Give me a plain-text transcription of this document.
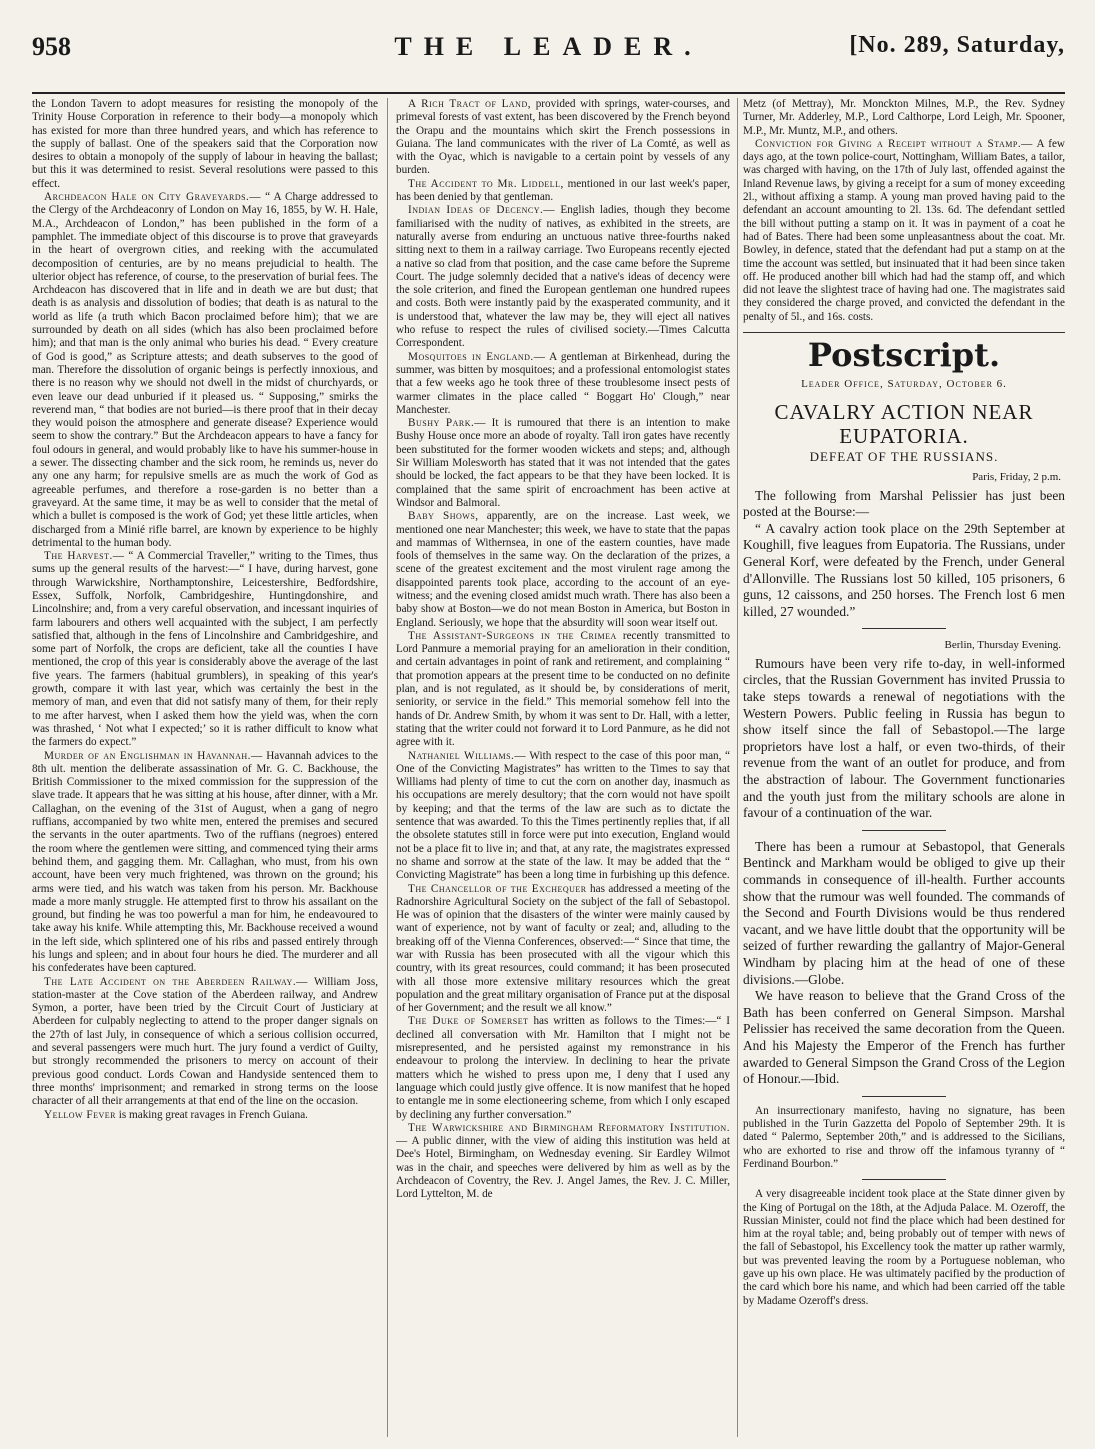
958	THE LEADER.	[No. 289, Saturday,

the London Tavern to adopt measures for resisting the monopoly of the Trinity House Corporation in reference to their body—a monopoly which has existed for more than three hundred years, and which has reference to the supply of ballast. One of the speakers said that the Corporation now desires to obtain a monopoly of the supply of labour in heaving the ballast; but this it was determined to resist. Several resolutions were passed to this effect.

Archdeacon Hale on City Graveyards.— “ A Charge addressed to the Clergy of the Archdeaconry of London on May 16, 1855, by W. H. Hale, M.A., Archdeacon of London,” has been published in the form of a pamphlet. The immediate object of this discourse is to prove that graveyards in the heart of overgrown cities, and reeking with the accumulated decomposition of centuries, are by no means prejudicial to health. The ulterior object has reference, of course, to the preservation of burial fees. The Archdeacon has discovered that in life and in death we are but dust; that death is as analysis and dissolution of bodies; that death is as natural to the world as life (a truth which Bacon proclaimed before him); that we are surrounded by death on all sides (which has also been proclaimed before him); and that man is the only animal who buries his dead. “ Every creature of God is good,” as Scripture attests; and death subserves to the good of man. Therefore the dissolution of organic beings is perfectly innoxious, and there is no reason why we should not dwell in the midst of churchyards, or even leave our dead unburied if it pleased us. “ Supposing,” smirks the reverend man, “ that bodies are not buried—is there proof that in their decay they would poison the atmosphere and generate disease? Experience would seem to show the contrary.” But the Archdeacon appears to have a fancy for foul odours in general, and would probably like to have his summer-house in a sewer. The dissecting chamber and the sick room, he reminds us, never do any one any harm; for repulsive smells are as much the work of God as agreeable perfumes, and therefore a rose-garden is no better than a graveyard. At the same time, it may be as well to consider that the metal of which a bullet is composed is the work of God; yet these little articles, when discharged from a Minié rifle barrel, are known by experience to be highly detrimental to the human body.

The Harvest.— “ A Commercial Traveller,” writing to the Times, thus sums up the general results of the harvest:—“ I have, during harvest, gone through Warwickshire, Northamptonshire, Leicestershire, Bedfordshire, Essex, Suffolk, Norfolk, Cambridgeshire, Huntingdonshire, and Lincolnshire; and, from a very careful observation, and incessant inquiries of farm labourers and others well acquainted with the subject, I am perfectly satisfied that, although in the fens of Lincolnshire and Cambridgeshire, and some part of Norfolk, the crops are deficient, take all the counties I have mentioned, the crop of this year is considerably above the average of the last five years. The farmers (habitual grumblers), in speaking of this year's growth, compare it with last year, which was certainly the best in the memory of man, and even that did not satisfy many of them, for their reply to me after harvest, when I asked them how the yield was, when the corn was thrashed, ‘ Not what I expected;’ so it is rather difficult to know what the farmers do expect.”

Murder of an Englishman in Havannah.— Havannah advices to the 8th ult. mention the deliberate assassination of Mr. G. C. Backhouse, the British Commissioner to the mixed commission for the suppression of the slave trade. It appears that he was sitting at his house, after dinner, with a Mr. Callaghan, on the evening of the 31st of August, when a gang of negro ruffians, accompanied by two white men, entered the premises and secured the servants in the outer apartments. Two of the ruffians (negroes) entered the room where the gentlemen were sitting, and commenced tying their arms behind them, and gagging them. Mr. Callaghan, who must, from his own account, have been very much frightened, was thrown on the ground; his arms were tied, and his watch was taken from his person. Mr. Backhouse made a more manly struggle. He attempted first to throw his assailant on the ground, but finding he was too powerful a man for him, he endeavoured to take away his knife. While attempting this, Mr. Backhouse received a wound in the left side, which splintered one of his ribs and passed entirely through his lungs and spleen; and in about four hours he died. The murderer and all his confederates have been captured.

The Late Accident on the Aberdeen Railway.— William Joss, station-master at the Cove station of the Aberdeen railway, and Andrew Symon, a porter, have been tried by the Circuit Court of Justiciary at Aberdeen for culpably neglecting to attend to the proper danger signals on the 27th of last July, in consequence of which a serious collision occurred, and several passengers were much hurt. The jury found a verdict of Guilty, but strongly recommended the prisoners to mercy on account of their previous good conduct. Lords Cowan and Handyside sentenced them to three months' imprisonment; and remarked in strong terms on the loose character of all their arrangements at that end of the line on the occasion.

Yellow Fever is making great ravages in French Guiana.

A Rich Tract of Land, provided with springs, water-courses, and primeval forests of vast extent, has been discovered by the French beyond the Orapu and the mountains which skirt the French possessions in Guiana. The land communicates with the river of La Comté, as well as with the Oyac, which is navigable to a certain point by vessels of any burden.

The Accident to Mr. Liddell, mentioned in our last week's paper, has been denied by that gentleman.

Indian Ideas of Decency.— English ladies, though they become familiarised with the nudity of natives, as exhibited in the streets, are naturally averse from enduring an unctuous native three-fourths naked sitting next to them in a railway carriage. Two Europeans recently ejected a native so clad from that position, and the case came before the Supreme Court. The judge solemnly decided that a native's ideas of decency were the sole criterion, and fined the European gentleman one hundred rupees and costs. Both were instantly paid by the exasperated community, and it is understood that, whatever the law may be, they will eject all natives who refuse to respect the rules of civilised society.—Times Calcutta Correspondent.

Mosquitoes in England.— A gentleman at Birkenhead, during the summer, was bitten by mosquitoes; and a professional entomologist states that a few weeks ago he took three of these troublesome insect pests of warmer climates in the place called “ Boggart Ho' Clough,” near Manchester.

Bushy Park.— It is rumoured that there is an intention to make Bushy House once more an abode of royalty. Tall iron gates have recently been substituted for the former wooden wickets and steps; and, although Sir William Molesworth has stated that it was not intended that the gates should be locked, the fact appears to be that they have been locked. It is complained that the same spirit of encroachment has been active at Windsor and Balmoral.

Baby Shows, apparently, are on the increase. Last week, we mentioned one near Manchester; this week, we have to state that the papas and mammas of Withernsea, in one of the eastern counties, have made fools of themselves in the same way. On the declaration of the prizes, a scene of the greatest excitement and the most virulent rage among the disappointed parents took place, according to the account of an eye-witness; and the evening closed amidst much wrath. There has also been a baby show at Boston—we do not mean Boston in America, but Boston in England. Seriously, we hope that the absurdity will soon wear itself out.

The Assistant-Surgeons in the Crimea recently transmitted to Lord Panmure a memorial praying for an amelioration in their condition, and certain advantages in point of rank and retirement, and complaining “ that promotion appears at the present time to be conducted on no definite plan, and is not regulated, as it should be, by considerations of merit, seniority, or service in the field.” This memorial somehow fell into the hands of Dr. Andrew Smith, by whom it was sent to Dr. Hall, with a letter, stating that the writer could not forward it to Lord Panmure, as he did not agree with it.

Nathaniel Williams.— With respect to the case of this poor man, “ One of the Convicting Magistrates” has written to the Times to say that Williams had plenty of time to cut the corn on another day, inasmuch as his occupations are merely desultory; that the corn would not have spoilt by keeping; and that the terms of the law are such as to dictate the sentence that was awarded. To this the Times pertinently replies that, if all the obsolete statutes still in force were put into execution, England would not be a place fit to live in; and that, at any rate, the magistrates expressed no shame and sorrow at the state of the law. It may be added that the “ Convicting Magistrate” has been a long time in furbishing up this defence.

The Chancellor of the Exchequer has addressed a meeting of the Radnorshire Agricultural Society on the subject of the fall of Sebastopol. He was of opinion that the disasters of the winter were mainly caused by want of experience, not by want of faculty or zeal; and, alluding to the breaking off of the Vienna Conferences, observed:—“ Since that time, the war with Russia has been prosecuted with all the vigour which this country, with its great resources, could command; it has been prosecuted with all those more extensive military resources which the great population and the great military organisation of France put at the disposal of her Government; and the result we all know.”

The Duke of Somerset has written as follows to the Times:—“ I declined all conversation with Mr. Hamilton that I might not be misrepresented, and he persisted against my remonstrance in his endeavour to prolong the interview. In declining to hear the private matters which he wished to press upon me, I deny that I used any language which could justly give offence. It is now manifest that he hoped to entangle me in some electioneering scheme, from which I only escaped by declining any further conversation.”

The Warwickshire and Birmingham Reformatory Institution.— A public dinner, with the view of aiding this institution was held at Dee's Hotel, Birmingham, on Wednesday evening. Sir Eardley Wilmot was in the chair, and speeches were delivered by him as well as by the Archdeacon of Coventry, the Rev. J. Angel James, the Rev. J. C. Miller, Lord Lyttelton, M. de

Metz (of Mettray), Mr. Monckton Milnes, M.P., the Rev. Sydney Turner, Mr. Adderley, M.P., Lord Calthorpe, Lord Leigh, Mr. Spooner, M.P., Mr. Muntz, M.P., and others.

Conviction for Giving a Receipt without a Stamp.— A few days ago, at the town police-court, Nottingham, William Bates, a tailor, was charged with having, on the 17th of July last, offended against the Inland Revenue laws, by giving a receipt for a sum of money exceeding 2l., without affixing a stamp. A young man proved having paid to the defendant an account amounting to 2l. 13s. 6d. The defendant settled the bill without putting a stamp on it. It was in payment of a coat he had of Bates. There had been some unpleasantness about the coat. Mr. Bowley, in defence, stated that the defendant had put a stamp on at the time the account was settled, but insinuated that it had been since taken off. He produced another bill which had had the stamp off, and which did not leave the slightest trace of having had one. The magistrates said they considered the charge proved, and convicted the defendant in the penalty of 5l., and 16s. costs.

Postscript.
Leader Office, Saturday, October 6.
CAVALRY ACTION NEAR EUPATORIA.
DEFEAT OF THE RUSSIANS.
Paris, Friday, 2 p.m.

The following from Marshal Pelissier has just been posted at the Bourse:—

“ A cavalry action took place on the 29th September at Koughill, five leagues from Eupatoria. The Russians, under General Korf, were defeated by the French, under General d'Allonville. The Russians lost 50 killed, 105 prisoners, 6 guns, 12 caissons, and 250 horses. The French lost 6 men killed, 27 wounded.”

Berlin, Thursday Evening.

Rumours have been very rife to-day, in well-informed circles, that the Russian Government has invited Prussia to take steps towards a renewal of negotiations with the Western Powers. Public feeling in Russia has begun to show itself since the fall of Sebastopol.—The large proprietors have lost a half, or even two-thirds, of their revenue from the want of an outlet for produce, and from the abstraction of labour. The Government functionaries and the youth just from the military schools are alone in favour of a continuation of the war.

There has been a rumour at Sebastopol, that Generals Bentinck and Markham would be obliged to give up their commands in consequence of ill-health. Further accounts show that the rumour was well founded. The commands of the Second and Fourth Divisions would be thus rendered vacant, and we have little doubt that the opportunity will be seized of further rewarding the gallantry of Major-General Windham by placing him at the head of one of these divisions.—Globe.

We have reason to believe that the Grand Cross of the Bath has been conferred on General Simpson. Marshal Pelissier has received the same decoration from the Queen. And his Majesty the Emperor of the French has further awarded to General Simpson the Grand Cross of the Legion of Honour.—Ibid.

An insurrectionary manifesto, having no signature, has been published in the Turin Gazzetta del Popolo of September 29th. It is dated “ Palermo, September 20th,” and is addressed to the Sicilians, who are exhorted to rise and throw off the infamous tyranny of “ Ferdinand Bourbon.”

A very disagreeable incident took place at the State dinner given by the King of Portugal on the 18th, at the Adjuda Palace. M. Ozeroff, the Russian Minister, could not find the place which had been destined for him at the royal table; and, being probably out of temper with news of the fall of Sebastopol, his Excellency took the matter up rather warmly, but was prevented leaving the room by a Portuguese nobleman, who gave up his own place. He was ultimately pacified by the production of the card which bore his name, and which had been carried off the table by Madame Ozeroff's dress.
